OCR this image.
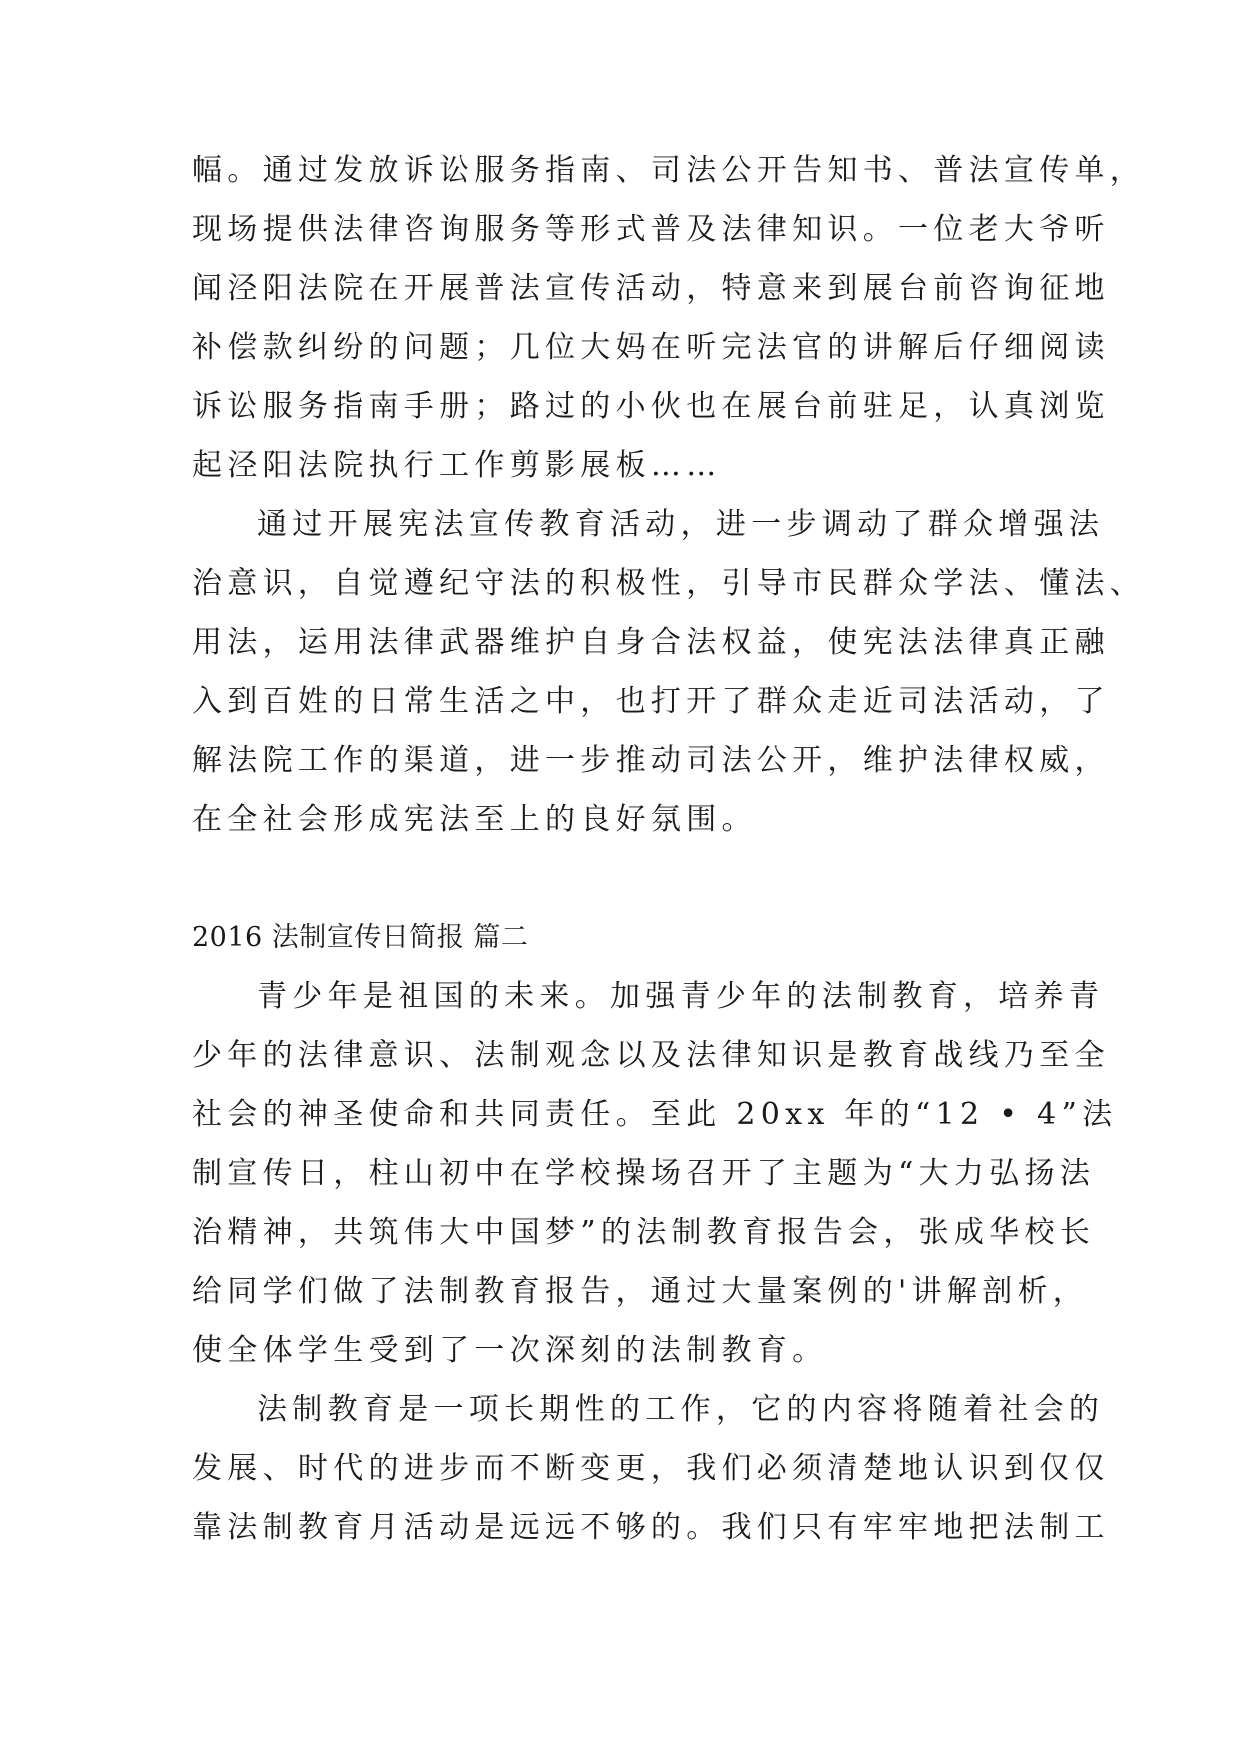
幅。通过发放诉讼服务指南、司法公开告知书、普法宣传单，
现场提供法律咨询服务等形式普及法律知识。一位老大爷听
闻泾阳法院在开展普法宣传活动，特意来到展台前咨询征地
补偿款纠纷的问题；几位大妈在听完法官的讲解后仔细阅读
诉讼服务指南手册；路过的小伙也在展台前驻足，认真浏览
起泾阳法院执行工作剪影展板……
通过开展宪法宣传教育活动，进一步调动了群众增强法
治意识，自觉遵纪守法的积极性，引导市民群众学法、懂法、
用法，运用法律武器维护自身合法权益，使宪法法律真正融
入到百姓的日常生活之中，也打开了群众走近司法活动，了
解法院工作的渠道，进一步推动司法公开，维护法律权威，
在全社会形成宪法至上的良好氛围。
2016 法制宣传日简报 篇二
青少年是祖国的未来。加强青少年的法制教育，培养青
少年的法律意识、法制观念以及法律知识是教育战线乃至全
社会的神圣使命和共同责任。至此 20xx 年的“12 • 4”法
制宣传日，柱山初中在学校操场召开了主题为“大力弘扬法
治精神，共筑伟大中国梦”的法制教育报告会，张成华校长
给同学们做了法制教育报告，通过大量案例的'讲解剖析，
使全体学生受到了一次深刻的法制教育。
法制教育是一项长期性的工作，它的内容将随着社会的
发展、时代的进步而不断变更，我们必须清楚地认识到仅仅
靠法制教育月活动是远远不够的。我们只有牢牢地把法制工
